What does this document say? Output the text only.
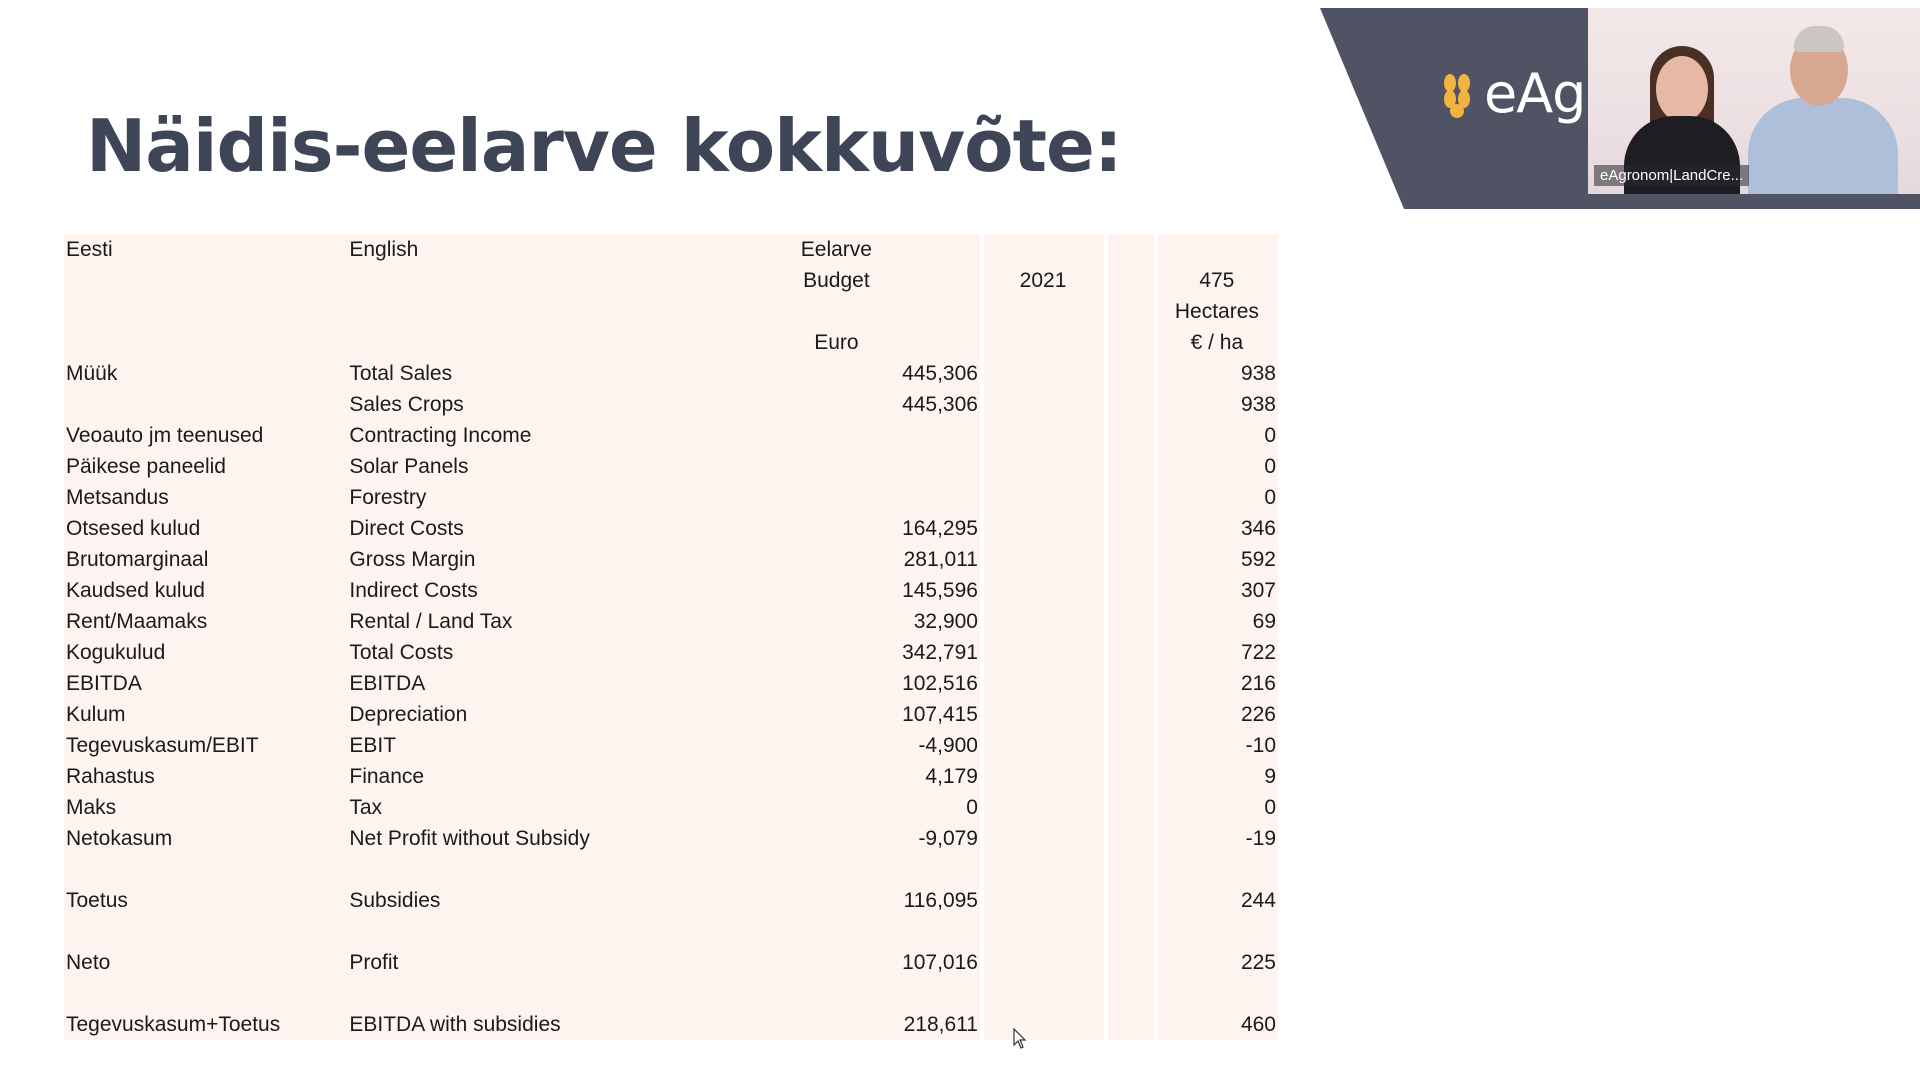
Näidis-eelarve kokkuvõte:
eAg
eAgronom|LandCre...
Eesti	English	Eelarve			
		Budget	2021		475
					Hectares
		Euro			€ / ha
Müük	Total Sales	445,306			938
	Sales Crops	445,306			938
Veoauto jm teenused	Contracting Income				0
Päikese paneelid	Solar Panels				0
Metsandus	Forestry				0
Otsesed kulud	Direct Costs	164,295			346
Brutomarginaal	Gross Margin	281,011			592
Kaudsed kulud	Indirect Costs	145,596			307
Rent/Maamaks	Rental / Land Tax	32,900			69
Kogukulud	Total Costs	342,791			722
EBITDA	EBITDA	102,516			216
Kulum	Depreciation	107,415			226
Tegevuskasum/EBIT	EBIT	-4,900			-10
Rahastus	Finance	4,179			9
Maks	Tax	0			0
Netokasum	Net Profit without Subsidy	-9,079			-19

Toetus	Subsidies	116,095			244

Neto	Profit	107,016			225

Tegevuskasum+Toetus	EBITDA with subsidies	218,611			460
